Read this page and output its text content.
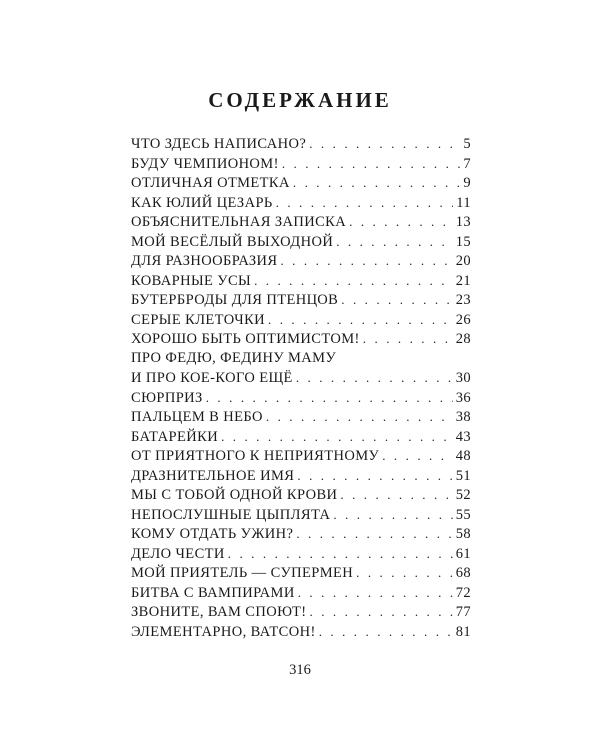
СОДЕРЖАНИЕ
ЧТО ЗДЕСЬ НАПИСАНО? . . .	5
БУДУ ЧЕМПИОНОМ! . . .	7
ОТЛИЧНАЯ ОТМЕТКА . . .	9
КАК ЮЛИЙ ЦЕЗАРЬ . . .	11
ОБЪЯСНИТЕЛЬНАЯ ЗАПИСКА . . .	13
МОЙ ВЕСЁЛЫЙ ВЫХОДНОЙ . . .	15
ДЛЯ РАЗНООБРАЗИЯ . . .	20
КОВАРНЫЕ УСЫ . . .	21
БУТЕРБРОДЫ ДЛЯ ПТЕНЦОВ . . .	23
СЕРЫЕ КЛЕТОЧКИ . . .	26
ХОРОШО БЫТЬ ОПТИМИСТОМ! . . .	28
ПРО ФЕДЮ, ФЕДИНУ МАМУ
И ПРО КОЕ-КОГО ЕЩЁ . . .	30
СЮРПРИЗ . . .	36
ПАЛЬЦЕМ В НЕБО . . .	38
БАТАРЕЙКИ . . .	43
ОТ ПРИЯТНОГО К НЕПРИЯТНОМУ . . .	48
ДРАЗНИТЕЛЬНОЕ ИМЯ . . .	51
МЫ С ТОБОЙ ОДНОЙ КРОВИ . . .	52
НЕПОСЛУШНЫЕ ЦЫПЛЯТА . . .	55
КОМУ ОТДАТЬ УЖИН? . . .	58
ДЕЛО ЧЕСТИ . . .	61
МОЙ ПРИЯТЕЛЬ — СУПЕРМЕН . . .	68
БИТВА С ВАМПИРАМИ . . .	72
ЗВОНИТЕ, ВАМ СПОЮТ! . . .	77
ЭЛЕМЕНТАРНО, ВАТСОН! . . .	81
316
